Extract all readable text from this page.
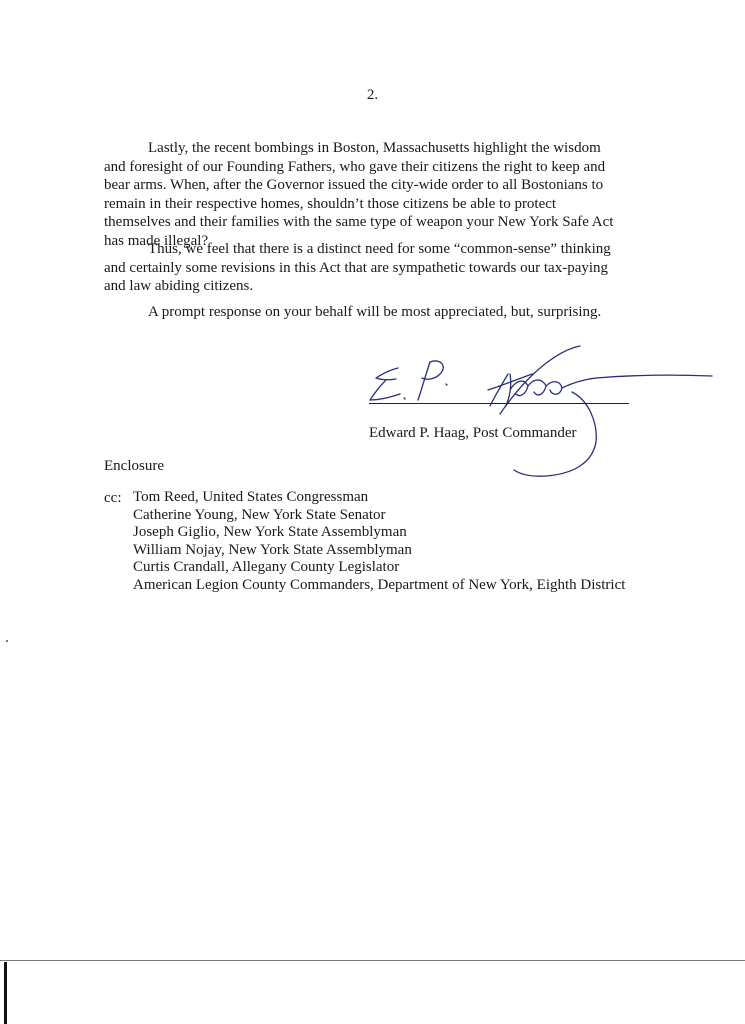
2.

Lastly, the recent bombings in Boston, Massachusetts highlight the wisdom and foresight of our Founding Fathers, who gave their citizens the right to keep and bear arms. When, after the Governor issued the city-wide order to all Bostonians to remain in their respective homes, shouldn’t those citizens be able to protect themselves and their families with the same type of weapon your New York Safe Act has made illegal?

Thus, we feel that there is a distinct need for some “common-sense” thinking and certainly some revisions in this Act that are sympathetic towards our tax-paying and law abiding citizens.

A prompt response on your behalf will be most appreciated, but, surprising.

Edward P. Haag, Post Commander
Enclosure
cc: Tom Reed, United States Congressman
Catherine Young, New York State Senator
Joseph Giglio, New York State Assemblyman
William Nojay, New York State Assemblyman
Curtis Crandall, Allegany County Legislator
American Legion County Commanders, Department of New York, Eighth District
